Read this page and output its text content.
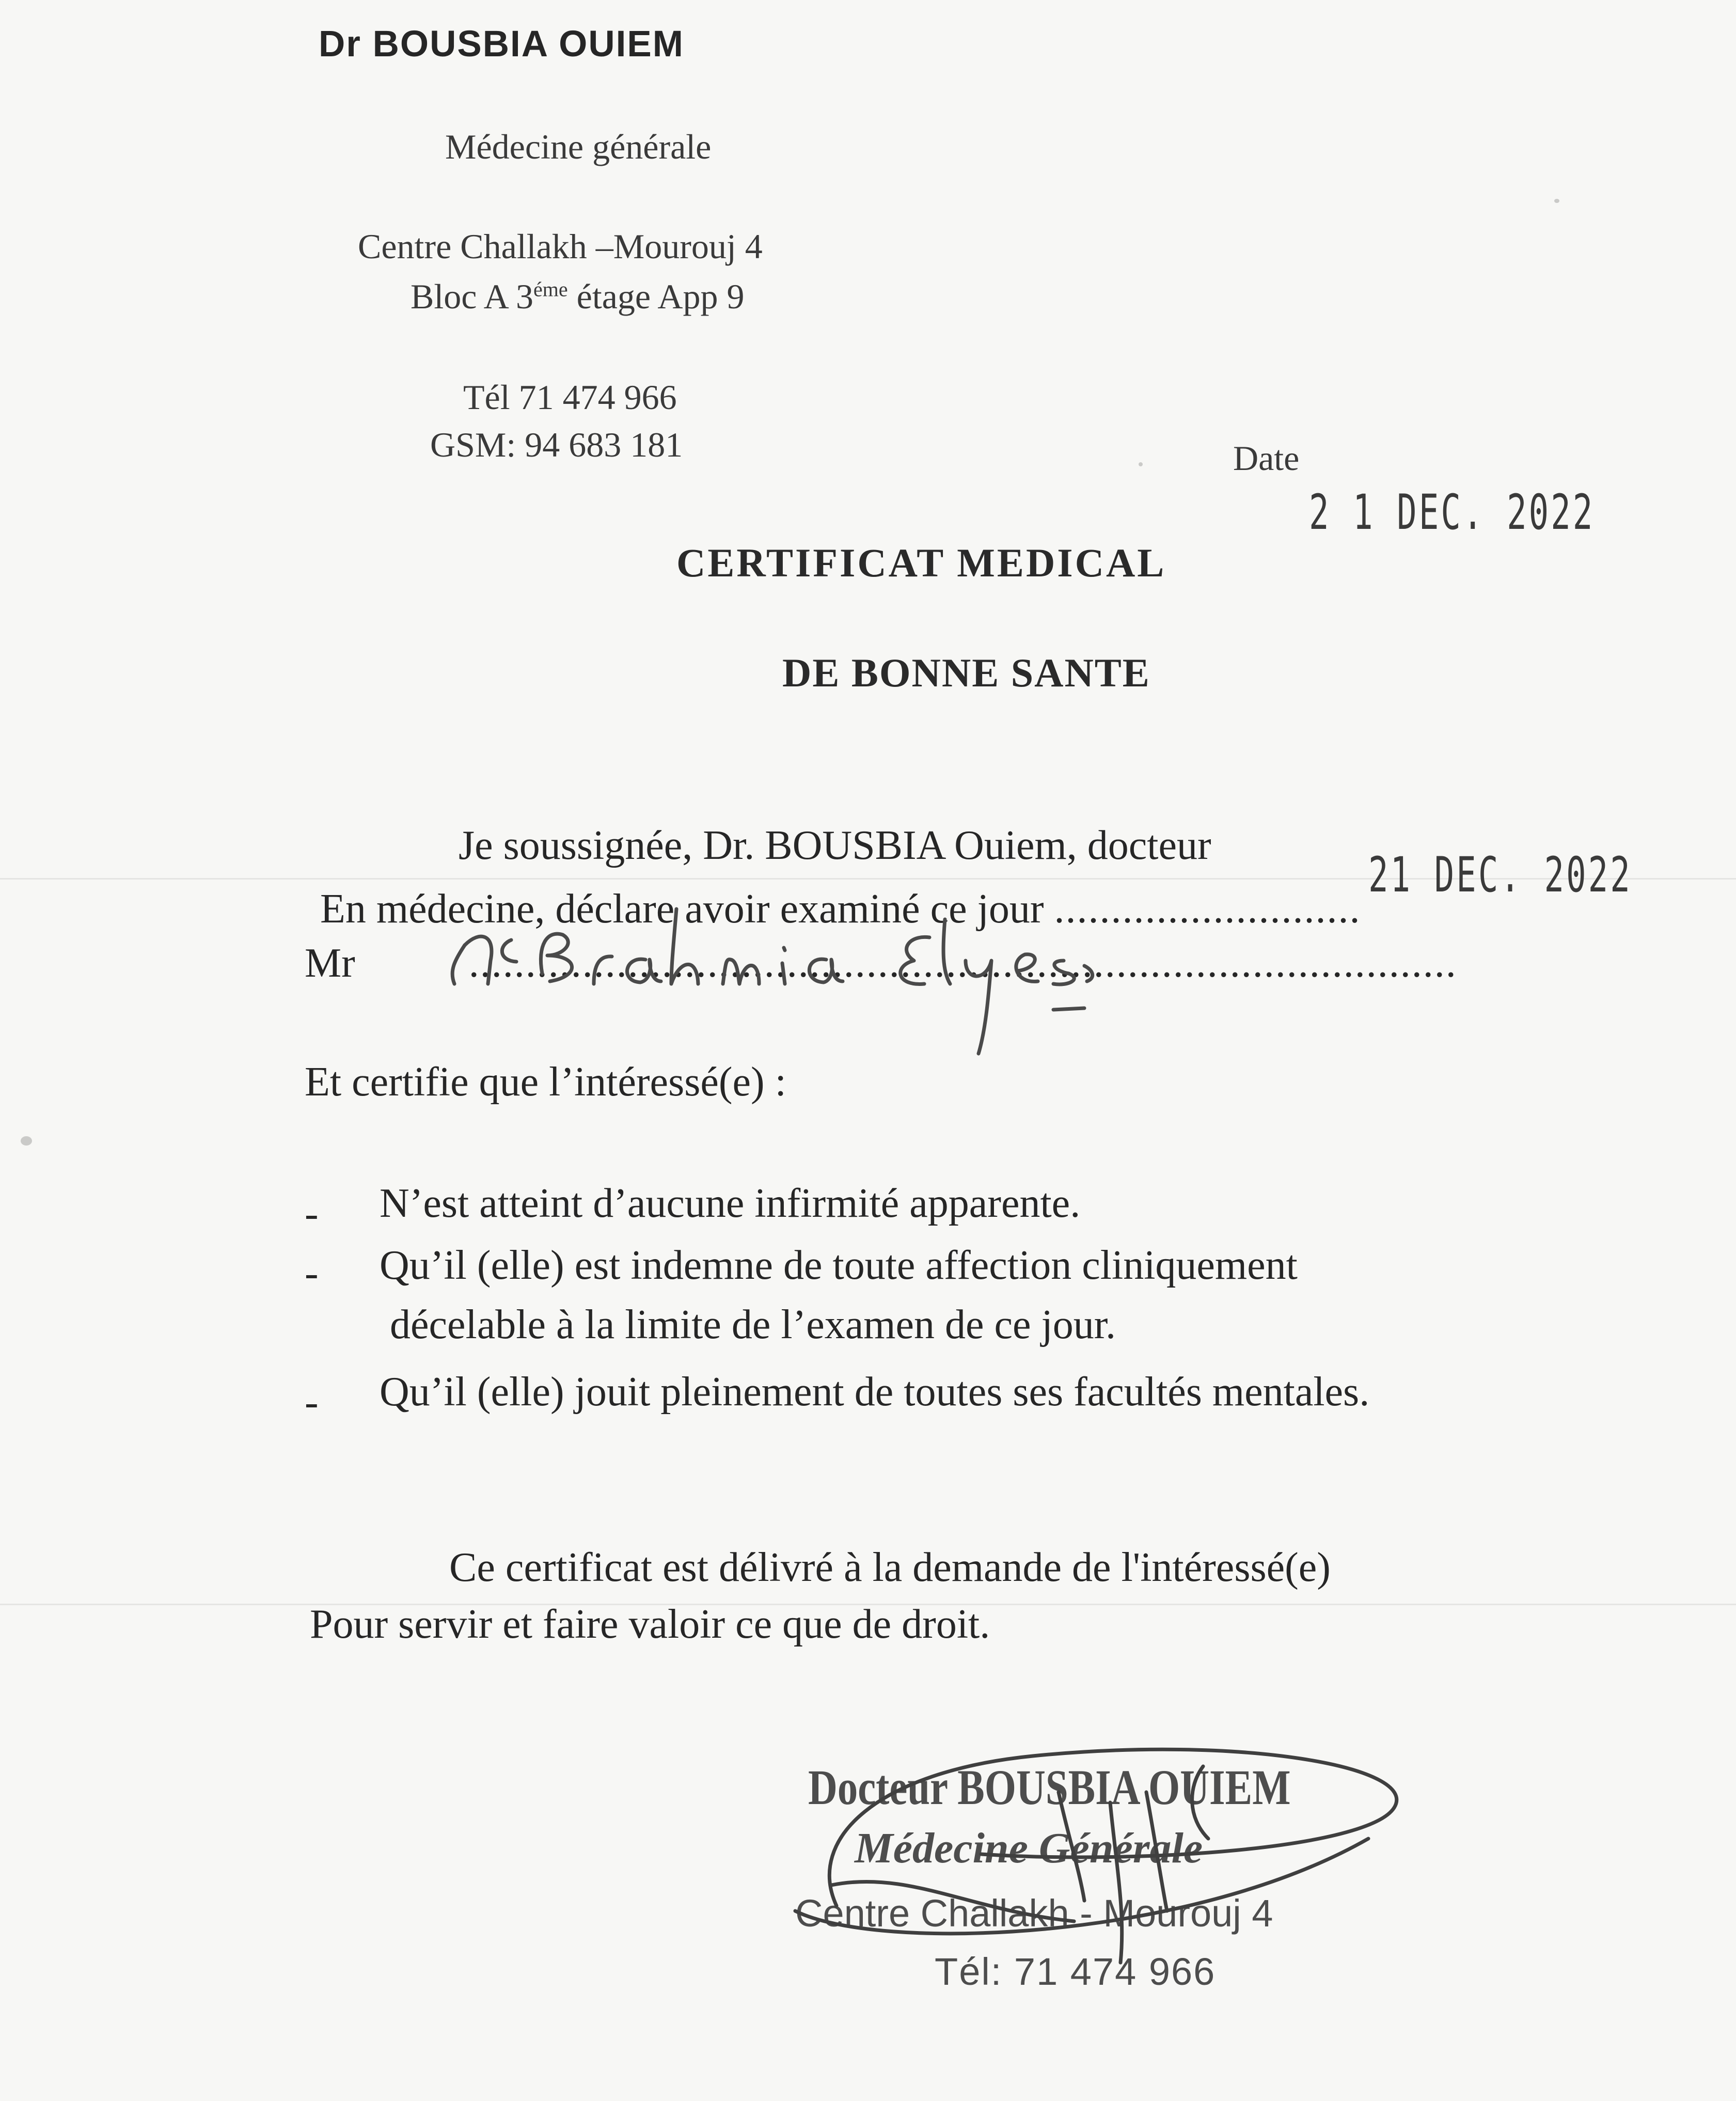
Dr BOUSBIA OUIEM
Médecine générale
Centre Challakh –Mourouj 4
Bloc A $3^{éme}$ étage App 9
Tél 71 474 966
GSM: 94 683 181	Date
2 1 DEC. 2022
CERTIFICAT MEDICAL
DE BONNE SANTE
Je soussignée, Dr. BOUSBIA Ouiem, docteur
En médecine, déclare avoir examiné ce jour ...........................
21 DEC. 2022
Mr	.......................................................................................
Et certifie que l’intéressé(e) :
- N’est atteint d’aucune infirmité apparente.
- Qu’il (elle) est indemne de toute affection cliniquement
décelable à la limite de l’examen de ce jour.
- Qu’il (elle) jouit pleinement de toutes ses facultés mentales.
Ce certificat est délivré à la demande de l'intéressé(e)
Pour servir et faire valoir ce que de droit.
Docteur BOUSBIA OUIEM
Médecine Générale
Centre Challakh - Mourouj 4
Tél: 71 474 966
